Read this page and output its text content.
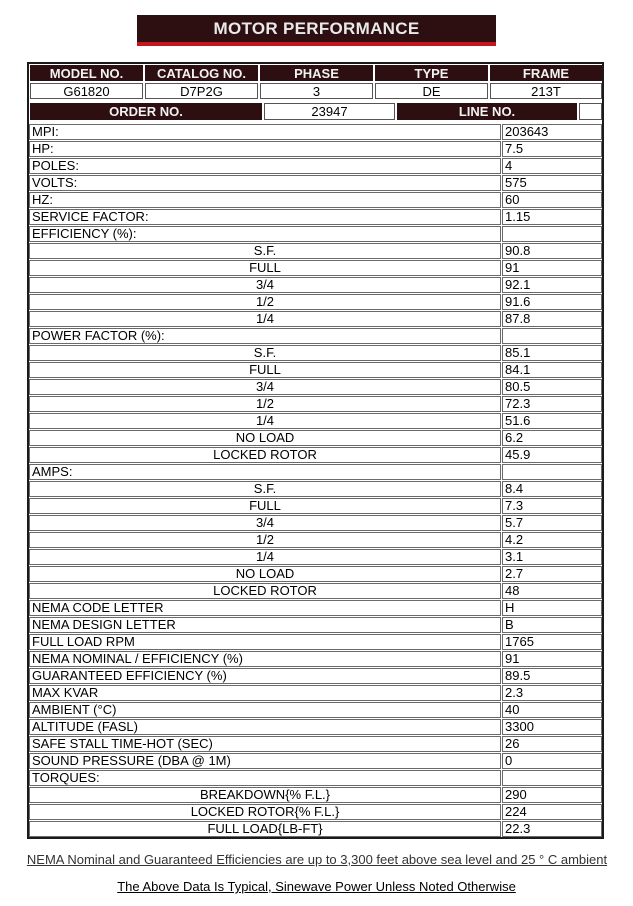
MOTOR PERFORMANCE
MODEL NO.	CATALOG NO.	PHASE	TYPE	FRAME
G61820	D7P2G	3	DE	213T
ORDER NO.	23947	LINE NO.
MPI:	203643
HP:	7.5
POLES:	4
VOLTS:	575
HZ:	60
SERVICE FACTOR:	1.15
EFFICIENCY (%):
S.F.	90.8
FULL	91
3/4	92.1
1/2	91.6
1/4	87.8
POWER FACTOR (%):
S.F.	85.1
FULL	84.1
3/4	80.5
1/2	72.3
1/4	51.6
NO LOAD	6.2
LOCKED ROTOR	45.9
AMPS:
S.F.	8.4
FULL	7.3
3/4	5.7
1/2	4.2
1/4	3.1
NO LOAD	2.7
LOCKED ROTOR	48
NEMA CODE LETTER	H
NEMA DESIGN LETTER	B
FULL LOAD RPM	1765
NEMA NOMINAL / EFFICIENCY (%)	91
GUARANTEED EFFICIENCY (%)	89.5
MAX KVAR	2.3
AMBIENT (°C)	40
ALTITUDE (FASL)	3300
SAFE STALL TIME-HOT (SEC)	26
SOUND PRESSURE (DBA @ 1M)	0
TORQUES:
BREAKDOWN{% F.L.}	290
LOCKED ROTOR{% F.L.}	224
FULL LOAD{LB-FT}	22.3
NEMA Nominal and Guaranteed Efficiencies are up to 3,300 feet above sea level and 25 ° C ambient
The Above Data Is Typical, Sinewave Power Unless Noted Otherwise
